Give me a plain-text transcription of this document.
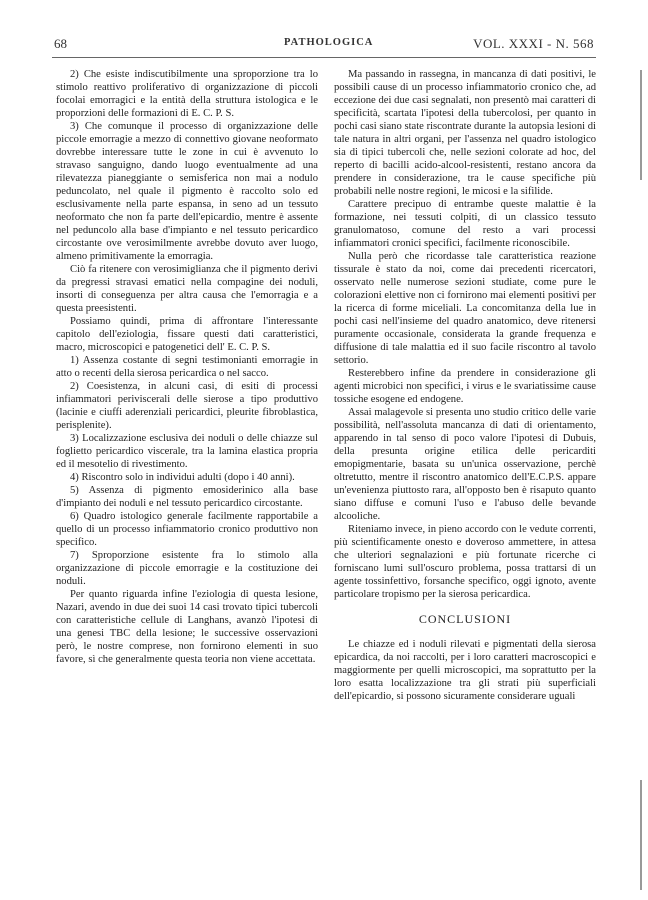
68	PATHOLOGICA	VOL. XXXI - N. 568

2) Che esiste indiscutibilmente una sproporzione tra lo stimolo reattivo proliferativo di organizzazione di piccoli focolai emorragici e la entità della struttura istologica e le proporzioni delle formazioni di E. C. P. S.

3) Che comunque il processo di organizzazione delle piccole emorragie a mezzo di connettivo giovane neoformato dovrebbe interessare tutte le zone in cui è avvenuto lo stravaso sanguigno, dando luogo eventualmente ad una rilevatezza pianeggiante o semisferica non mai a nodulo peduncolato, nel quale il pigmento è raccolto solo ed esclusivamente nella parte espansa, in seno ad un tessuto neoformato che non fa parte dell'epicardio, mentre è assente nel peduncolo alla base d'impianto e nel tessuto pericardico circostante ove verosimilmente avrebbe dovuto aver luogo, almeno primitivamente la emorragia.

Ciò fa ritenere con verosimiglianza che il pigmento derivi da pregressi stravasi ematici nella compagine dei noduli, insorti di conseguenza per altra causa che l'emorragia e a questa preesistenti.

Possiamo quindi, prima di affrontare l'interessante capitolo dell'eziologia, fissare questi dati caratteristici, macro, microscopici e patogenetici dell' E. C. P. S.

1) Assenza costante di segni testimonianti emorragie in atto o recenti della sierosa pericardica o nel sacco.

2) Coesistenza, in alcuni casi, di esiti di processi infiammatori periviscerali delle sierose a tipo produttivo (lacinie e ciuffi aderenziali pericardici, pleurite fibroblastica, perisplenite).

3) Localizzazione esclusiva dei noduli o delle chiazze sul foglietto pericardico viscerale, tra la lamina elastica propria ed il mesotelio di rivestimento.

4) Riscontro solo in individui adulti (dopo i 40 anni).

5) Assenza di pigmento emosiderinico alla base d'impianto dei noduli e nel tessuto pericardico circostante.

6) Quadro istologico generale facilmente rapportabile a quello di un processo infiammatorio cronico produttivo non specifico.

7) Sproporzione esistente fra lo stimolo alla organizzazione di piccole emorragie e la costituzione dei noduli.

Per quanto riguarda infine l'eziologia di questa lesione, Nazari, avendo in due dei suoi 14 casi trovato tipici tubercoli con caratteristiche cellule di Langhans, avanzò l'ipotesi di una genesi TBC della lesione; le successive osservazioni però, le nostre comprese, non fornirono elementi in suo favore, sì che generalmente questa teoria non viene accettata.

Ma passando in rassegna, in mancanza di dati positivi, le possibili cause di un processo infiammatorio cronico che, ad eccezione dei due casi segnalati, non presentò mai caratteri di specificità, scartata l'ipotesi della tubercolosi, per quanto in pochi casi siano state riscontrate durante la autopsia lesioni di tale natura in altri organi, per l'assenza nel quadro istologico sia di tipici tubercoli che, nelle sezioni colorate ad hoc, del reperto di bacilli acido-alcool-resistenti, restano ancora da prendere in considerazione, tra le cause specifiche più probabili nelle nostre regioni, le micosi e la sifilide.

Carattere precipuo di entrambe queste malattie è la formazione, nei tessuti colpiti, di un classico tessuto granulomatoso, comune del resto a vari processi infiammatori cronici specifici, facilmente riconoscibile.

Nulla però che ricordasse tale caratteristica reazione tissurale è stato da noi, come dai precedenti ricercatori, osservato nelle numerose sezioni studiate, come pure le colorazioni elettive non ci fornirono mai elementi positivi per la ricerca di forme miceliali. La concomitanza della lue in pochi casi nell'insieme del quadro anatomico, deve ritenersi puramente occasionale, considerata la grande frequenza e diffusione di tale malattia ed il suo facile riscontro al tavolo settorio.

Resterebbero infine da prendere in considerazione gli agenti microbici non specifici, i virus e le svariatissime cause tossiche esogene ed endogene.

Assai malagevole si presenta uno studio critico delle varie possibilità, nell'assoluta mancanza di dati di orientamento, apparendo in tal senso di poco valore l'ipotesi di Dubuis, della presunta origine etilica delle pericarditi emopigmentarie, basata su un'unica osservazione, perchè oltretutto, mentre il riscontro anatomico dell'E.C.P.S. appare un'evenienza piuttosto rara, all'opposto ben è risaputo quanto siano diffuse e comuni l'uso e l'abuso delle bevande alcooliche.

Riteniamo invece, in pieno accordo con le vedute correnti, più scientificamente onesto e doveroso ammettere, in attesa che ulteriori segnalazioni e più fortunate ricerche ci forniscano lumi sull'oscuro problema, possa trattarsi di un agente tossinfettivo, forsanche specifico, oggi ignoto, avente particolare tropismo per la sierosa pericardica.

CONCLUSIONI

Le chiazze ed i noduli rilevati e pigmentati della sierosa epicardica, da noi raccolti, per i loro caratteri macroscopici e maggiormente per quelli microscopici, ma soprattutto per la loro esatta localizzazione tra gli strati più superficiali dell'epicardio, si possono sicuramente considerare uguali
